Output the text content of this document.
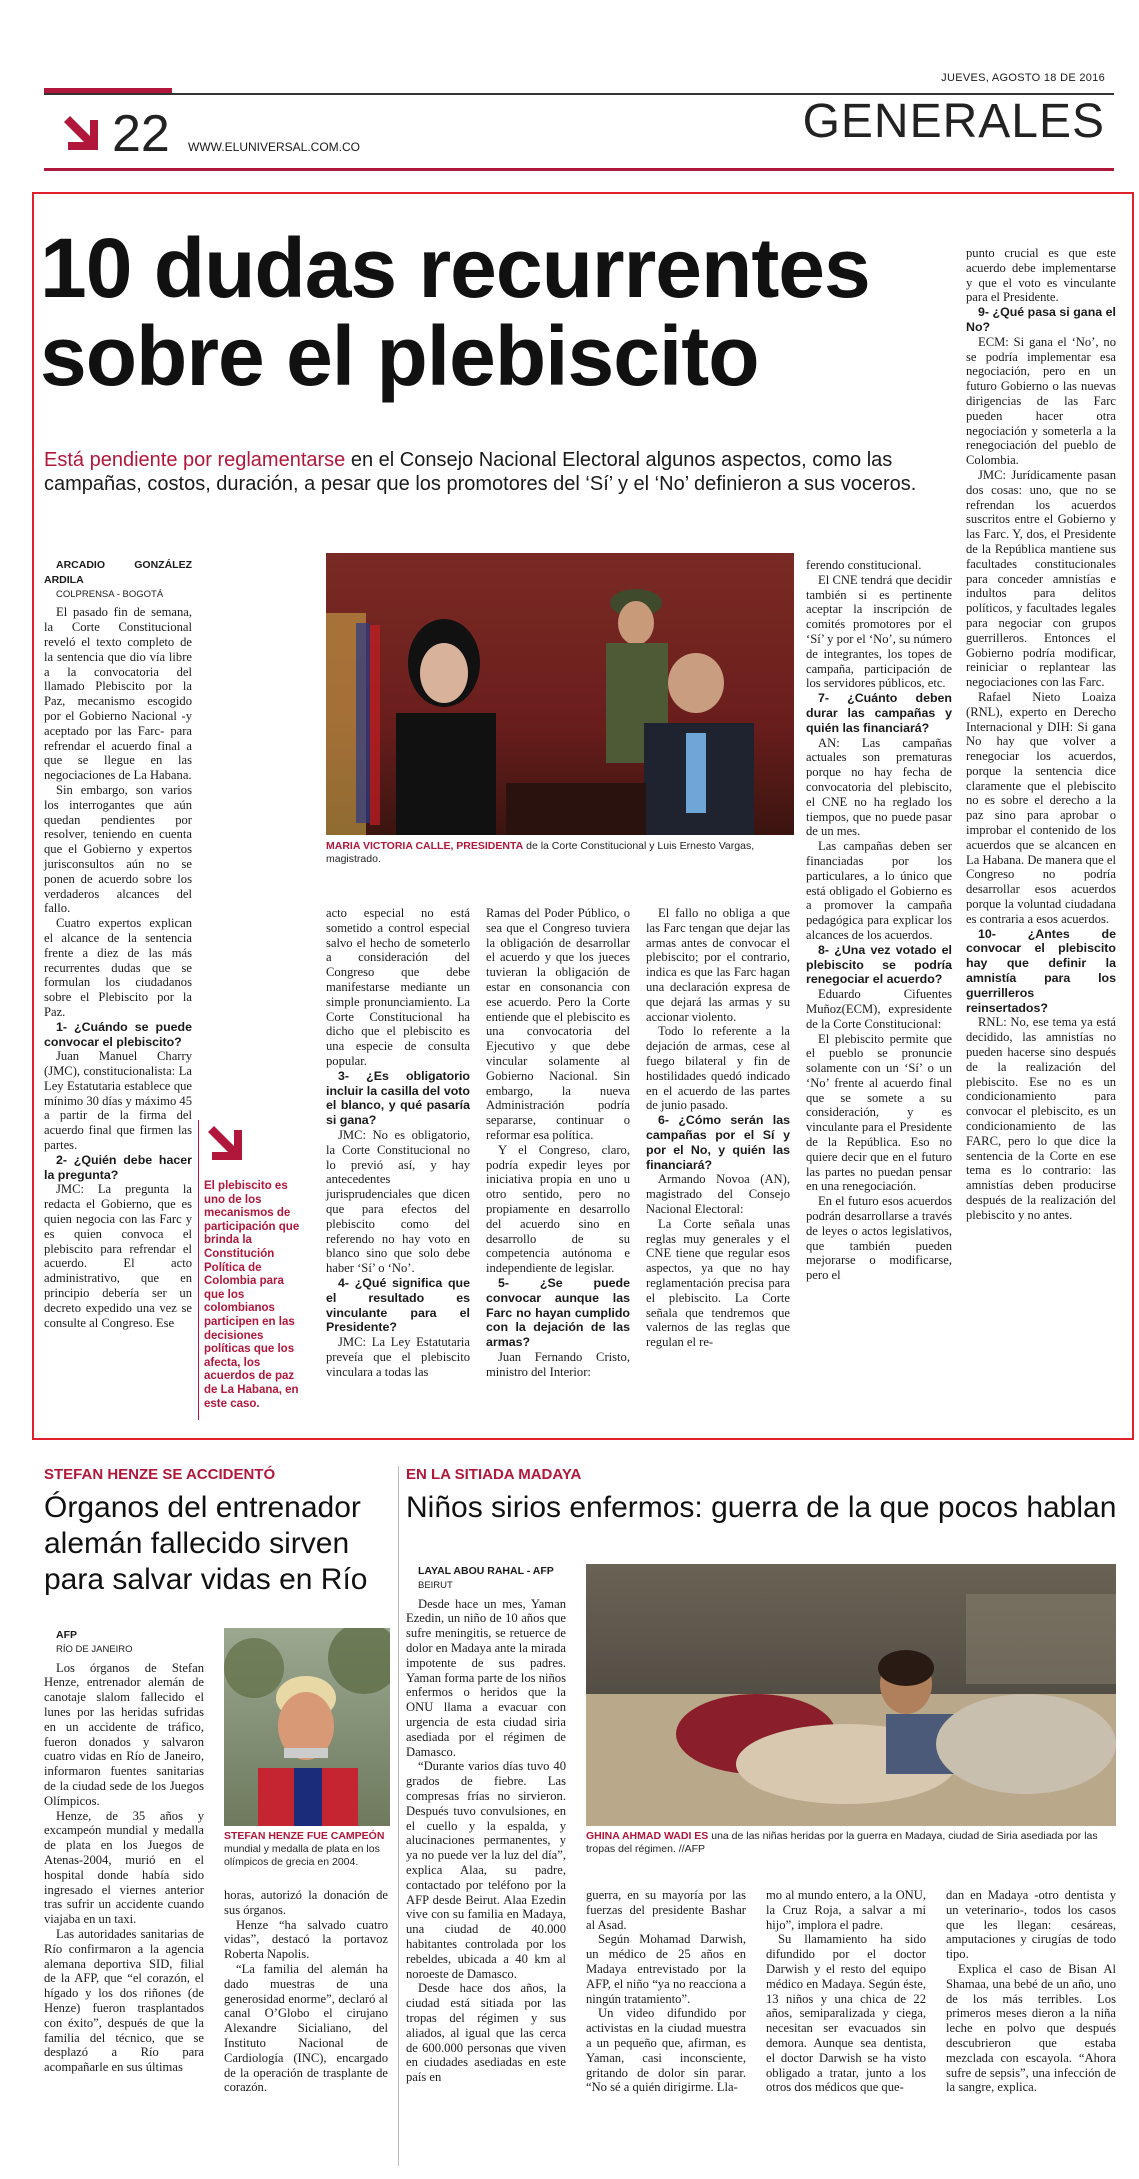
JUEVES, AGOSTO 18 DE 2016
GENERALES
22 WWW.ELUNIVERSAL.COM.CO
10 dudas recurrentes
sobre el plebiscito
Está pendiente por reglamentarse en el Consejo Nacional Electoral algunos aspectos, como las campañas, costos, duración, a pesar que los promotores del ‘Sí’ y el ‘No’ definieron a sus voceros.
MARIA VICTORIA CALLE, PRESIDENTA de la Corte Constitucional y Luis Ernesto Vargas, magistrado.

ARCADIO GONZÁLEZ ARDILA

COLPRENSA - BOGOTÁ

El pasado fin de semana, la Corte Constitucional reveló el texto completo de la sentencia que dio vía libre a la convocatoria del llamado Plebiscito por la Paz, mecanismo escogido por el Gobierno Nacional -y aceptado por las Farc- para refrendar el acuerdo final a que se llegue en las negociaciones de La Habana.

Sin embargo, son varios los interrogantes que aún quedan pendientes por resolver, teniendo en cuenta que el Gobierno y expertos jurisconsultos aún no se ponen de acuerdo sobre los verdaderos alcances del fallo.

Cuatro expertos explican el alcance de la sentencia frente a diez de las más recurrentes dudas que se formulan los ciudadanos sobre el Plebiscito por la Paz.

1- ¿Cuándo se puede convocar el plebiscito?

Juan Manuel Charry (JMC), constitucionalista: La Ley Estatutaria establece que mínimo 30 días y máximo 45 a partir de la firma del acuerdo final que firmen las partes.

2- ¿Quién debe hacer la pregunta?

JMC: La pregunta la redacta el Gobierno, que es quien negocia con las Farc y es quien convoca el plebiscito para refrendar el acuerdo. El acto administrativo, que en principio debería ser un decreto expedido una vez se consulte al Congreso. Ese

El plebiscito es uno de los mecanismos de participación que brinda la Constitución Política de Colombia para que los colombianos participen en las decisiones políticas que los afecta, los acuerdos de paz de La Habana, en este caso.

acto especial no está sometido a control especial salvo el hecho de someterlo a consideración del Congreso que debe manifestarse mediante un simple pronunciamiento. La Corte Constitucional ha dicho que el plebiscito es una especie de consulta popular.

3- ¿Es obligatorio incluir la casilla del voto el blanco, y qué pasaría si gana?

JMC: No es obligatorio, la Corte Constitucional no lo previó así, y hay antecedentes jurisprudenciales que dicen que para efectos del plebiscito como del referendo no hay voto en blanco sino que solo debe haber ‘Sí’ o ‘No’.

4- ¿Qué significa que el resultado es vinculante para el Presidente?

JMC: La Ley Estatutaria preveía que el plebiscito vinculara a todas las

Ramas del Poder Público, o sea que el Congreso tuviera la obligación de desarrollar el acuerdo y que los jueces tuvieran la obligación de estar en consonancia con ese acuerdo. Pero la Corte entiende que el plebiscito es una convocatoria del Ejecutivo y que debe vincular solamente al Gobierno Nacional. Sin embargo, la nueva Administración podría separarse, continuar o reformar esa política.

Y el Congreso, claro, podría expedir leyes por iniciativa propia en uno u otro sentido, pero no propiamente en desarrollo del acuerdo sino en desarrollo de su competencia autónoma e independiente de legislar.

5- ¿Se puede convocar aunque las Farc no hayan cumplido con la dejación de las armas?

Juan Fernando Cristo, ministro del Interior:

El fallo no obliga a que las Farc tengan que dejar las armas antes de convocar el plebiscito; por el contrario, indica es que las Farc hagan una declaración expresa de que dejará las armas y su accionar violento.

Todo lo referente a la dejación de armas, cese al fuego bilateral y fin de hostilidades quedó indicado en el acuerdo de las partes de junio pasado.

6- ¿Cómo serán las campañas por el Sí y por el No, y quién las financiará?

Armando Novoa (AN), magistrado del Consejo Nacional Electoral:

La Corte señala unas reglas muy generales y el CNE tiene que regular esos aspectos, ya que no hay reglamentación precisa para el plebiscito. La Corte señala que tendremos que valernos de las reglas que regulan el re-

ferendo constitucional.

El CNE tendrá que decidir también si es pertinente aceptar la inscripción de comités promotores por el ‘Sí’ y por el ‘No’, su número de integrantes, los topes de campaña, participación de los servidores públicos, etc.

7- ¿Cuánto deben durar las campañas y quién las financiará?

AN: Las campañas actuales son prematuras porque no hay fecha de convocatoria del plebiscito, el CNE no ha reglado los tiempos, que no puede pasar de un mes.

Las campañas deben ser financiadas por los particulares, a lo único que está obligado el Gobierno es a promover la campaña pedagógica para explicar los alcances de los acuerdos.

8- ¿Una vez votado el plebiscito se podría renegociar el acuerdo?

Eduardo Cifuentes Muñoz(ECM), expresidente de la Corte Constitucional:

El plebiscito permite que el pueblo se pronuncie solamente con un ‘Sí’ o un ‘No’ frente al acuerdo final que se somete a su consideración, y es vinculante para el Presidente de la República. Eso no quiere decir que en el futuro las partes no puedan pensar en una renegociación.

En el futuro esos acuerdos podrán desarrollarse a través de leyes o actos legislativos, que también pueden mejorarse o modificarse, pero el

punto crucial es que este acuerdo debe implementarse y que el voto es vinculante para el Presidente.

9- ¿Qué pasa si gana el No?

ECM: Si gana el ‘No’, no se podría implementar esa negociación, pero en un futuro Gobierno o las nuevas dirigencias de las Farc pueden hacer otra negociación y someterla a la renegociación del pueblo de Colombia.

JMC: Jurídicamente pasan dos cosas: uno, que no se refrendan los acuerdos suscritos entre el Gobierno y las Farc. Y, dos, el Presidente de la República mantiene sus facultades constitucionales para conceder amnistías e indultos para delitos políticos, y facultades legales para negociar con grupos guerrilleros. Entonces el Gobierno podría modificar, reiniciar o replantear las negociaciones con las Farc.

Rafael Nieto Loaiza (RNL), experto en Derecho Internacional y DIH: Si gana No hay que volver a renegociar los acuerdos, porque la sentencia dice claramente que el plebiscito no es sobre el derecho a la paz sino para aprobar o improbar el contenido de los acuerdos que se alcancen en La Habana. De manera que el Congreso no podría desarrollar esos acuerdos porque la voluntad ciudadana es contraria a esos acuerdos.

10- ¿Antes de convocar el plebiscito hay que definir la amnistía para los guerrilleros reinsertados?

RNL: No, ese tema ya está decidido, las amnistías no pueden hacerse sino después de la realización del plebiscito. Ese no es un condicionamiento para convocar el plebiscito, es un condicionamiento de las FARC, pero lo que dice la sentencia de la Corte en ese tema es lo contrario: las amnistías deben producirse después de la realización del plebiscito y no antes.

STEFAN HENZE SE ACCIDENTÓ
Órganos del entrenador alemán fallecido sirven para salvar vidas en Río

AFP

RÍO DE JANEIRO

Los órganos de Stefan Henze, entrenador alemán de canotaje slalom fallecido el lunes por las heridas sufridas en un accidente de tráfico, fueron donados y salvaron cuatro vidas en Río de Janeiro, informaron fuentes sanitarias de la ciudad sede de los Juegos Olímpicos.

Henze, de 35 años y excampeón mundial y medalla de plata en los Juegos de Atenas-2004, murió en el hospital donde había sido ingresado el viernes anterior tras sufrir un accidente cuando viajaba en un taxi.

Las autoridades sanitarias de Río confirmaron a la agencia alemana deportiva SID, filial de la AFP, que “el corazón, el hígado y los dos riñones (de Henze) fueron trasplantados con éxito”, después de que la familia del técnico, que se desplazó a Río para acompañarle en sus últimas

STEFAN HENZE FUE CAMPEÓN mundial y medalla de plata en los olímpicos de grecia en 2004.

horas, autorizó la donación de sus órganos.

Henze “ha salvado cuatro vidas”, destacó la portavoz Roberta Napolis.

“La familia del alemán ha dado muestras de una generosidad enorme”, declaró al canal O’Globo el cirujano Alexandre Sicialiano, del Instituto Nacional de Cardiología (INC), encargado de la operación de trasplante de corazón.

EN LA SITIADA MADAYA
Niños sirios enfermos: guerra de la que pocos hablan

LAYAL ABOU RAHAL - AFP

BEIRUT

Desde hace un mes, Yaman Ezedin, un niño de 10 años que sufre meningitis, se retuerce de dolor en Madaya ante la mirada impotente de sus padres. Yaman forma parte de los niños enfermos o heridos que la ONU llama a evacuar con urgencia de esta ciudad siria asediada por el régimen de Damasco.

“Durante varios días tuvo 40 grados de fiebre. Las compresas frías no sirvieron. Después tuvo convulsiones, en el cuello y la espalda, y alucinaciones permanentes, y ya no puede ver la luz del día”, explica Alaa, su padre, contactado por teléfono por la AFP desde Beirut. Alaa Ezedin vive con su familia en Madaya, una ciudad de 40.000 habitantes controlada por los rebeldes, ubicada a 40 km al noroeste de Damasco.

Desde hace dos años, la ciudad está sitiada por las tropas del régimen y sus aliados, al igual que las cerca de 600.000 personas que viven en ciudades asediadas en este país en

GHINA AHMAD WADI ES una de las niñas heridas por la guerra en Madaya, ciudad de Siria asediada por las tropas del régimen. //AFP

guerra, en su mayoría por las fuerzas del presidente Bashar al Asad.

Según Mohamad Darwish, un médico de 25 años en Madaya entrevistado por la AFP, el niño “ya no reacciona a ningún tratamiento”.

Un video difundido por activistas en la ciudad muestra a un pequeño que, afirman, es Yaman, casi inconsciente, gritando de dolor sin parar. “No sé a quién dirigirme. Lla-

mo al mundo entero, a la ONU, la Cruz Roja, a salvar a mi hijo”, implora el padre.

Su llamamiento ha sido difundido por el doctor Darwish y el resto del equipo médico en Madaya. Según éste, 13 niños y una chica de 22 años, semiparalizada y ciega, necesitan ser evacuados sin demora. Aunque sea dentista, el doctor Darwish se ha visto obligado a tratar, junto a los otros dos médicos que que-

dan en Madaya -otro dentista y un veterinario-, todos los casos que les llegan: cesáreas, amputaciones y cirugías de todo tipo.

Explica el caso de Bisan Al Shamaa, una bebé de un año, uno de los más terribles. Los primeros meses dieron a la niña leche en polvo que después descubrieron que estaba mezclada con escayola. “Ahora sufre de sepsis”, una infección de la sangre, explica.
